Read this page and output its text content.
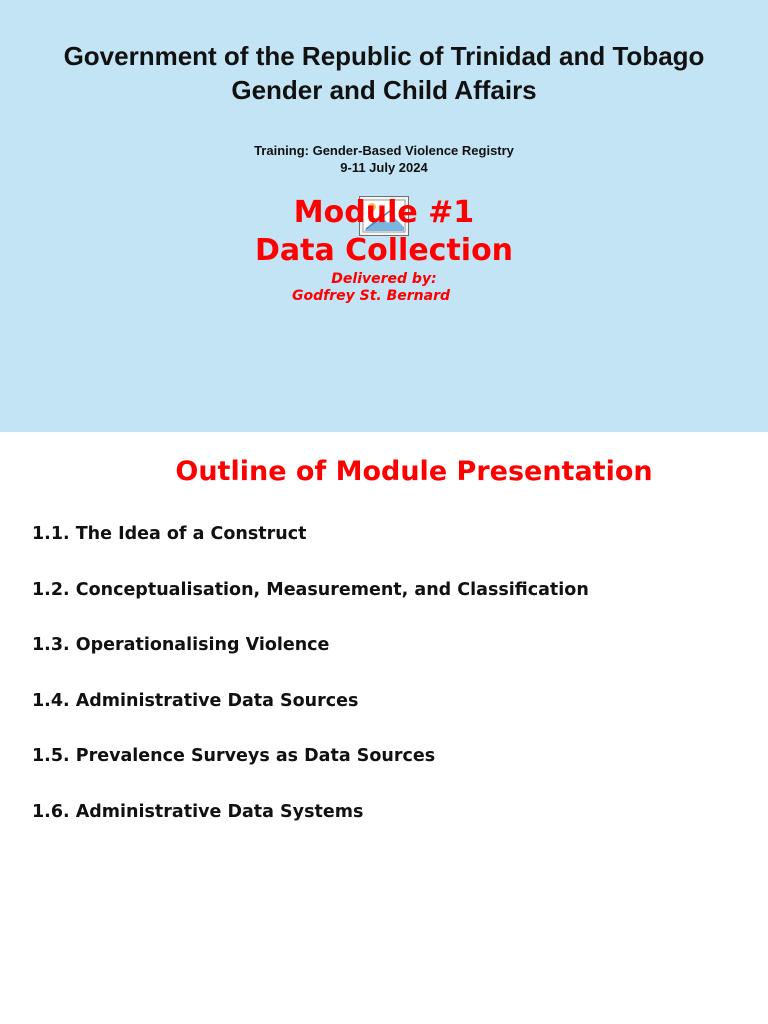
Government of the Republic of Trinidad and Tobago
Gender and Child Affairs
Training: Gender-Based Violence Registry
9-11 July 2024
Module #1
Data Collection
Delivered by:
Godfrey St. Bernard
Outline of Module Presentation
1.1. The Idea of a Construct
1.2. Conceptualisation, Measurement, and Classification
1.3. Operationalising Violence
1.4. Administrative Data Sources
1.5. Prevalence Surveys as Data Sources
1.6. Administrative Data Systems
